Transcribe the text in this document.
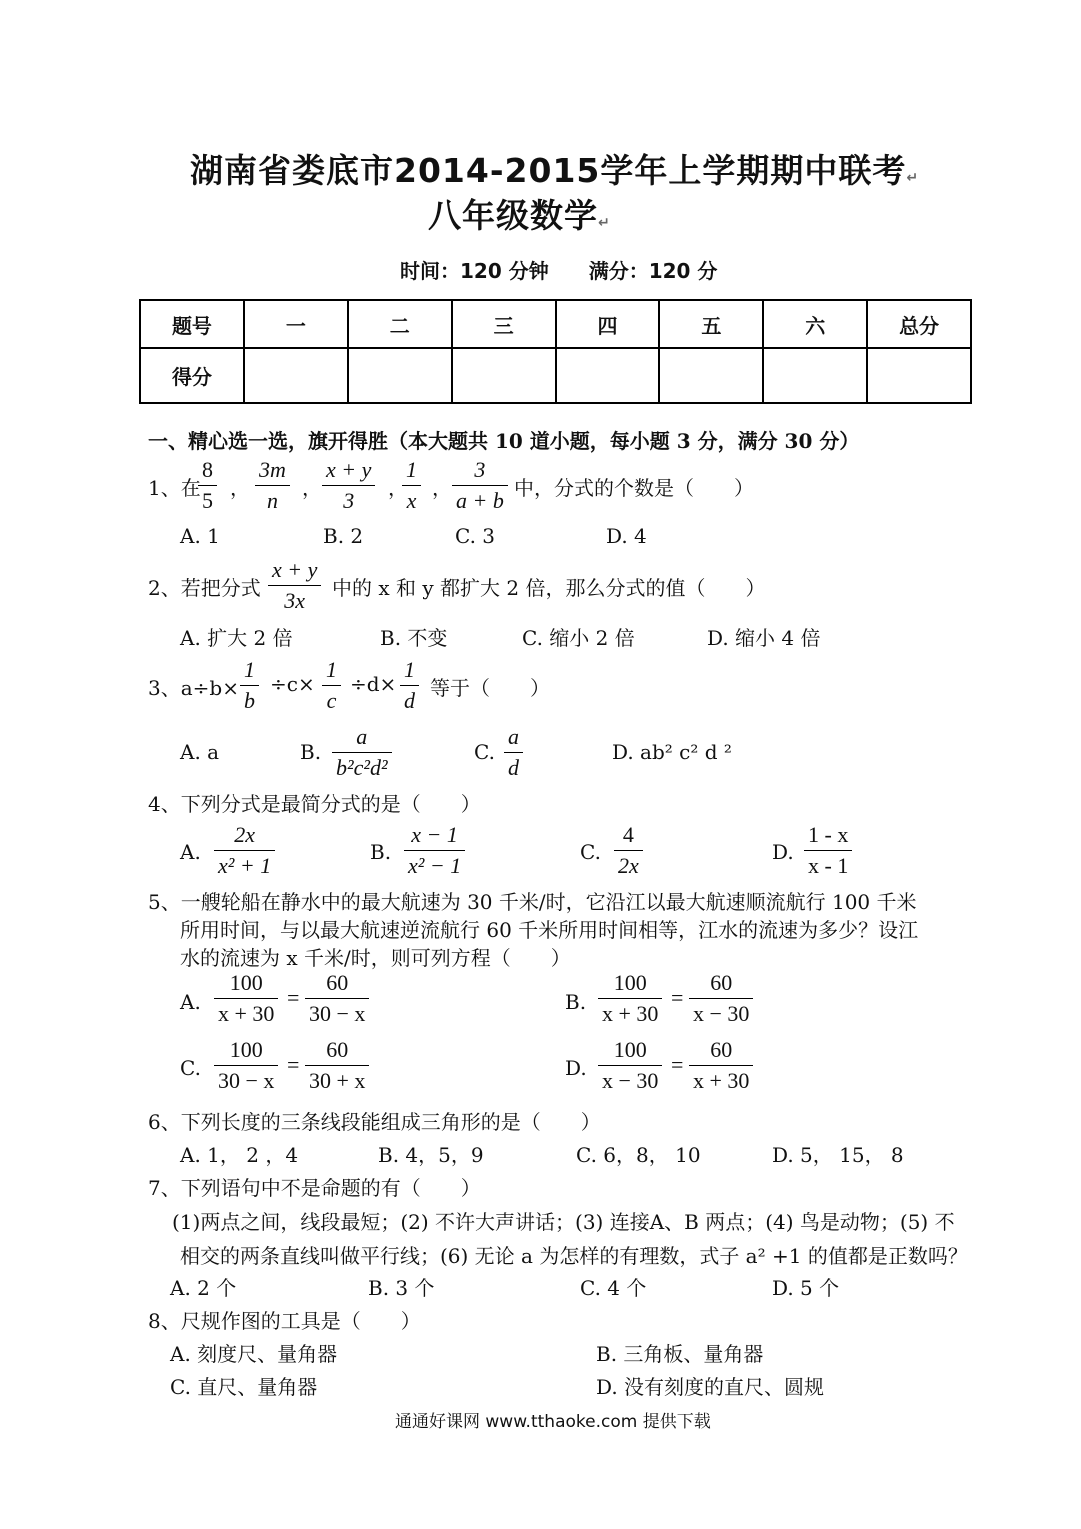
湖南省娄底市2014-2015学年上学期期中联考↵
八年级数学↵
时间：120 分钟　　满分：120 分
题号	一	二	三	四	五	六	总分
得分							
一、精心选一选，旗开得胜（本大题共 10 道小题，每小题 3 分，满分 30 分）
1、在
$\frac{8}{5}$ ， $\frac{3m}{n}$ ， $\frac{x + y}{3}$ ，
$\frac{1}{x}$ ， $\frac{3}{a + b}$ 中，分式的个数是（　　）
A. 1	B. 2	C. 3	D. 4
2、若把分式 $\frac{x + y}{3x}$ 中的 x 和 y 都扩大 2 倍，那么分式的值（　　）
A. 扩大 2 倍	B. 不变	C. 缩小 2 倍	D. 缩小 4 倍
3、$a\div b\times \frac{1}{b} \div c\times \frac{1}{c} \div d\times \frac{1}{d}$ 等于（　　）
A. a	B. $\frac{a}{\text{b²c²d²}}$	C. $\frac{a}{d}$	D. ab² c² d ²
4、下列分式是最简分式的是（　　）
A. $\frac{2x}{\text{x² + 1}}$	B. $\frac{x - 1}{\text{x² − 1}}$	C. $\frac{4}{2x}$	D. $\frac{1 - x}{x - 1}$
5、一艘轮船在静水中的最大航速为 30 千米/时，它沿江以最大航速顺流航行 100 千米
所用时间，与以最大航速逆流航行 60 千米所用时间相等，江水的流速为多少？设江
水的流速为 x 千米/时，则可列方程（　　）
A. $\frac{100}{x + 30} = \frac{60}{30 - x}$	B. $\frac{100}{x + 30} = \frac{60}{x - 30}$
C. $\frac{100}{30 - x} = \frac{60}{30 + x}$	D. $\frac{100}{x - 30} = \frac{60}{x + 30}$
6、下列长度的三条线段能组成三角形的是（　　）
A. 1， 2 ，4	B. 4，5，9	C. 6，8， 10	D. 5， 15， 8
7、下列语句中不是命题的有（　　）
(1)两点之间，线段最短；(2) 不许大声讲话；(3) 连接A、B 两点；(4) 鸟是动物；(5) 不
相交的两条直线叫做平行线；(6) 无论 a 为怎样的有理数，式子 a² +1 的值都是正数吗？
A. 2 个	B. 3 个	C. 4 个	D. 5 个
8、尺规作图的工具是（　　）
A. 刻度尺、量角器	B. 三角板、量角器
C. 直尺、量角器	D. 没有刻度的直尺、圆规
通通好课网 www.tthaoke.com 提供下载
